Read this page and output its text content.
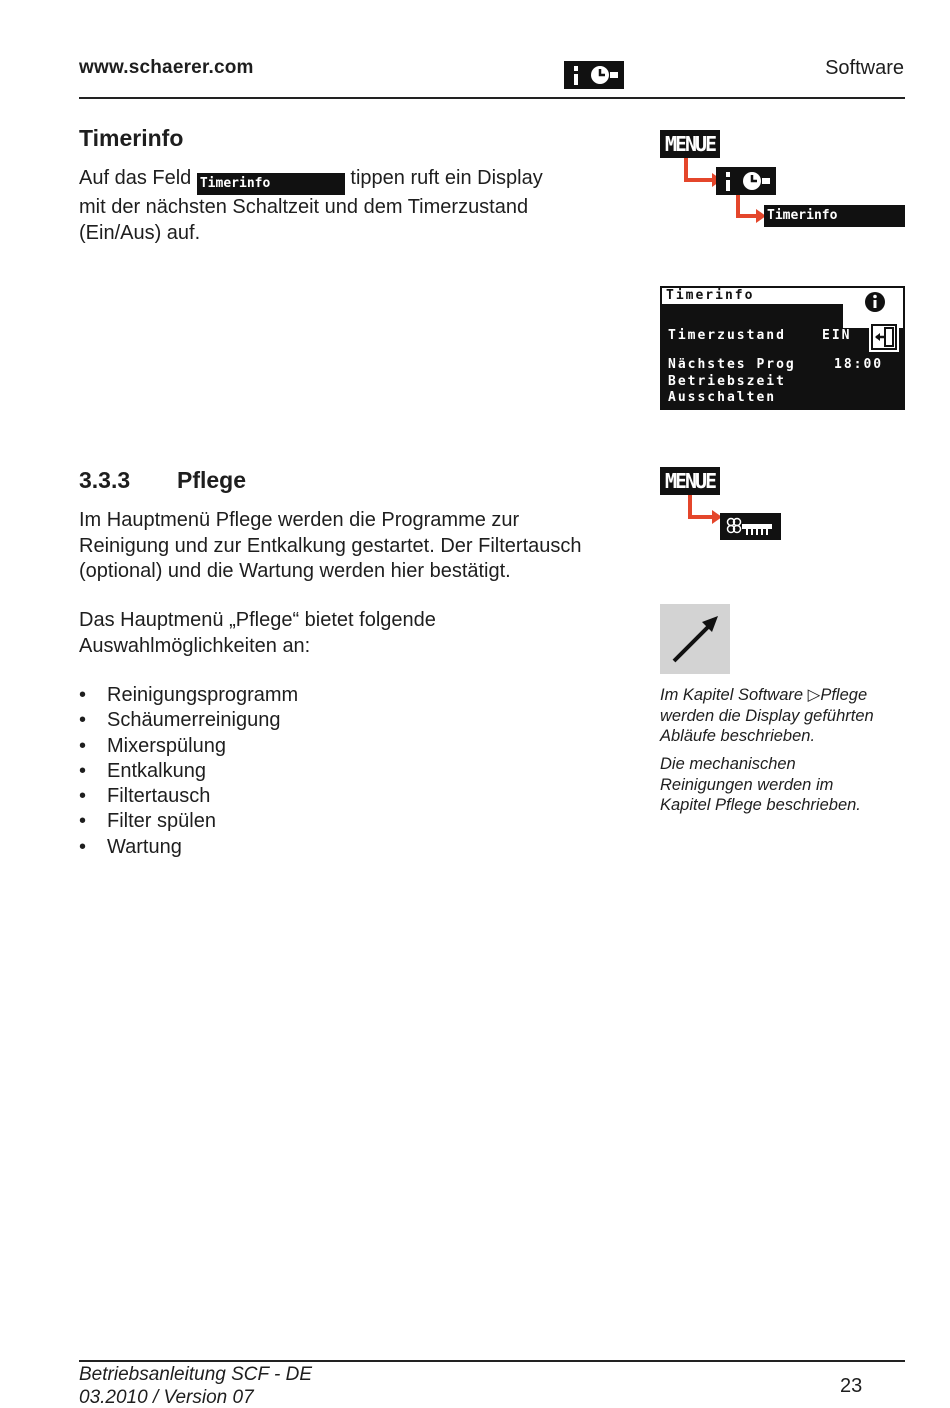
www.schaerer.com	Software
Timerinfo
Auf das Feld Timerinfo	tippen ruft ein Display
mit der nächsten Schaltzeit und dem Timerzustand
(Ein/Aus) auf.
MENUE
Timerinfo
Timerinfo
Timerzustand	EIN
Nächstes Prog	18:00
Betriebszeit
Ausschalten
3.3.3 Pflege
Im Hauptmenü Pflege werden die Programme zur
Reinigung und zur Entkalkung gestartet. Der Filtertausch
(optional) und die Wartung werden hier bestätigt.
Das Hauptmenü „Pflege“ bietet folgende
Auswahlmöglichkeiten an:
• Reinigungsprogramm
• Schäumerreinigung
• Mixerspülung
• Entkalkung
• Filtertausch
• Filter spülen
• Wartung
MENUE
Im Kapitel Software ▷Pflege
werden die Display geführten
Abläufe beschrieben.
Die mechanischen
Reinigungen werden im
Kapitel Pflege beschrieben.
Betriebsanleitung SCF - DE
03.2010 / Version 07
23
